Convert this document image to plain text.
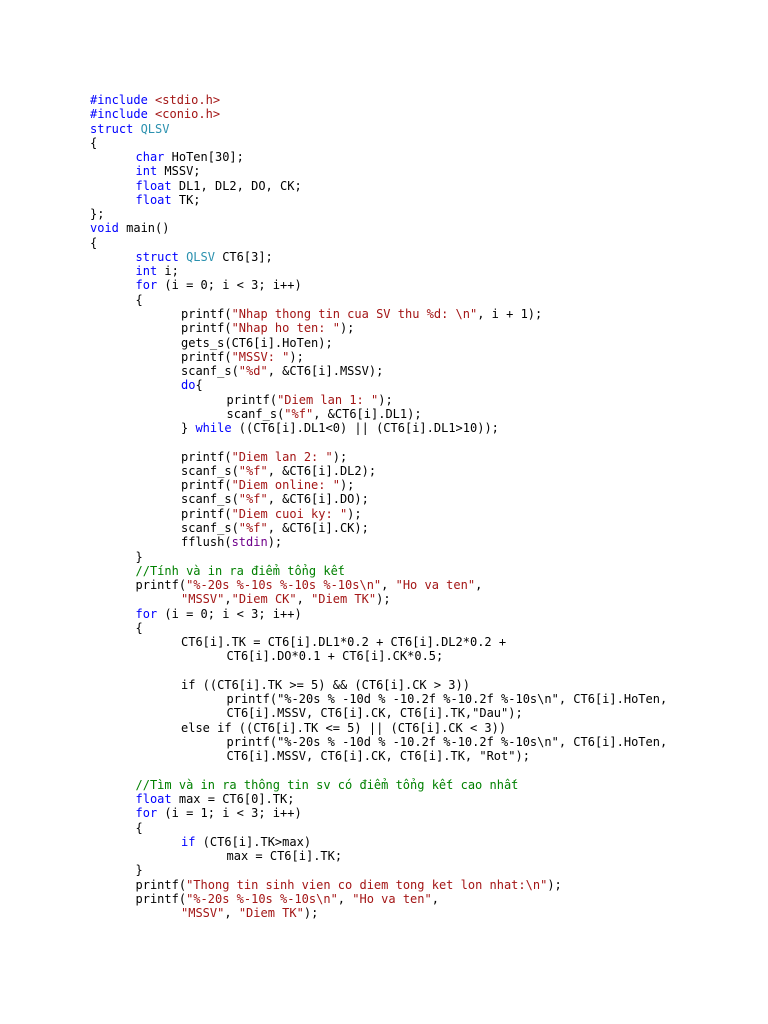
#include <stdio.h>
#include <conio.h>
struct QLSV
{
char HoTen[30];
int MSSV;
float DL1, DL2, DO, CK;
float TK;
};
void main()
{
struct QLSV CT6[3];
int i;
for (i = 0; i < 3; i++)
{
printf("Nhap thong tin cua SV thu %d: \n", i + 1);
printf("Nhap ho ten: ");
gets_s(CT6[i].HoTen);
printf("MSSV: ");
scanf_s("%d", &CT6[i].MSSV);
do{
printf("Diem lan 1: ");
scanf_s("%f", &CT6[i].DL1);
} while ((CT6[i].DL1<0) || (CT6[i].DL1>10));

printf("Diem lan 2: ");
scanf_s("%f", &CT6[i].DL2);
printf("Diem online: ");
scanf_s("%f", &CT6[i].DO);
printf("Diem cuoi ky: ");
scanf_s("%f", &CT6[i].CK);
fflush(stdin);
}
//Tính và in ra điểm tổng kết
printf("%-20s %-10s %-10s %-10s\n", "Ho va ten",
"MSSV","Diem CK", "Diem TK");
for (i = 0; i < 3; i++)
{
CT6[i].TK = CT6[i].DL1*0.2 + CT6[i].DL2*0.2 +
CT6[i].DO*0.1 + CT6[i].CK*0.5;

if ((CT6[i].TK >= 5) && (CT6[i].CK > 3))
printf("%-20s % -10d % -10.2f %-10.2f %-10s\n", CT6[i].HoTen,
CT6[i].MSSV, CT6[i].CK, CT6[i].TK,"Dau");
else if ((CT6[i].TK <= 5) || (CT6[i].CK < 3))
printf("%-20s % -10d % -10.2f %-10.2f %-10s\n", CT6[i].HoTen,
CT6[i].MSSV, CT6[i].CK, CT6[i].TK, "Rot");

//Tìm và in ra thông tin sv có điểm tổng kết cao nhất
float max = CT6[0].TK;
for (i = 1; i < 3; i++)
{
if (CT6[i].TK>max)
max = CT6[i].TK;
}
printf("Thong tin sinh vien co diem tong ket lon nhat:\n");
printf("%-20s %-10s %-10s\n", "Ho va ten",
"MSSV", "Diem TK");
